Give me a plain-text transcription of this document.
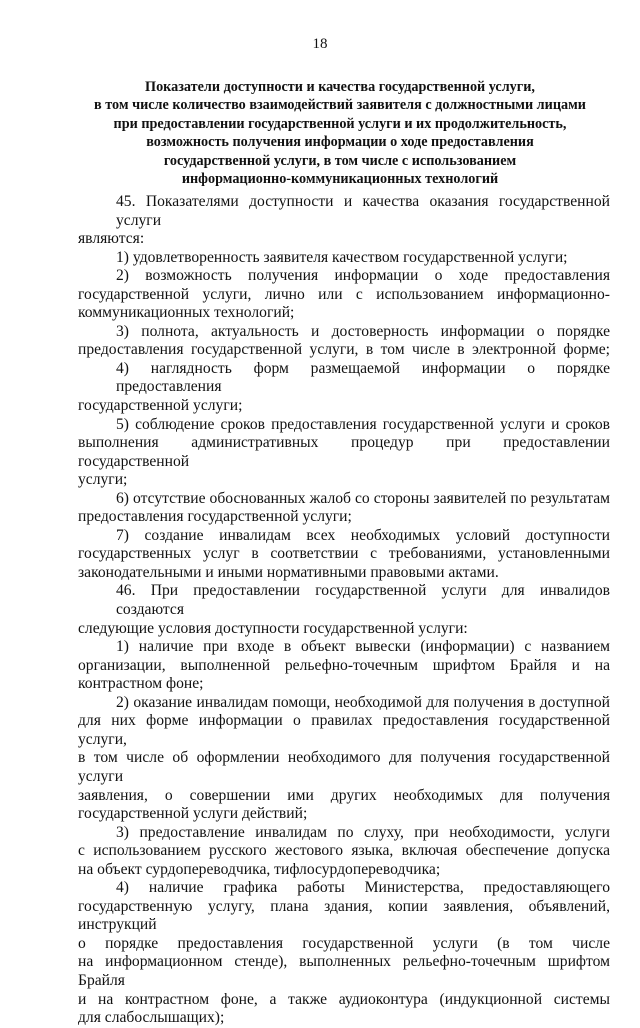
18
Показатели доступности и качества государственной услуги,
в том числе количество взаимодействий заявителя с должностными лицами
при предоставлении государственной услуги и их продолжительность,
возможность получения информации о ходе предоставления
государственной услуги, в том числе с использованием
информационно-коммуникационных технологий
45. Показателями доступности и качества оказания государственной услуги
являются:
1) удовлетворенность заявителя качеством государственной услуги;
2) возможность получения информации о ходе предоставления
государственной услуги, лично или с использованием информационно-
коммуникационных технологий;
3) полнота, актуальность и достоверность информации о порядке
предоставления государственной услуги, в том числе в электронной форме;
4) наглядность форм размещаемой информации о порядке предоставления
государственной услуги;
5) соблюдение сроков предоставления государственной услуги и сроков
выполнения административных процедур при предоставлении государственной
услуги;
6) отсутствие обоснованных жалоб со стороны заявителей по результатам
предоставления государственной услуги;
7) создание инвалидам всех необходимых условий доступности
государственных услуг в соответствии с требованиями, установленными
законодательными и иными нормативными правовыми актами.
46. При предоставлении государственной услуги для инвалидов создаются
следующие условия доступности государственной услуги:
1) наличие при входе в объект вывески (информации) с названием
организации, выполненной рельефно-точечным шрифтом Брайля и на
контрастном фоне;
2) оказание инвалидам помощи, необходимой для получения в доступной
для них форме информации о правилах предоставления государственной услуги,
в том числе об оформлении необходимого для получения государственной услуги
заявления, о совершении ими других необходимых для получения
государственной услуги действий;
3) предоставление инвалидам по слуху, при необходимости, услуги
с использованием русского жестового языка, включая обеспечение допуска
на объект сурдопереводчика, тифлосурдопереводчика;
4) наличие графика работы Министерства, предоставляющего
государственную услугу, плана здания, копии заявления, объявлений, инструкций
о порядке предоставления государственной услуги (в том числе
на информационном стенде), выполненных рельефно-точечным шрифтом Брайля
и на контрастном фоне, а также аудиоконтура (индукционной системы
для слабослышащих);
